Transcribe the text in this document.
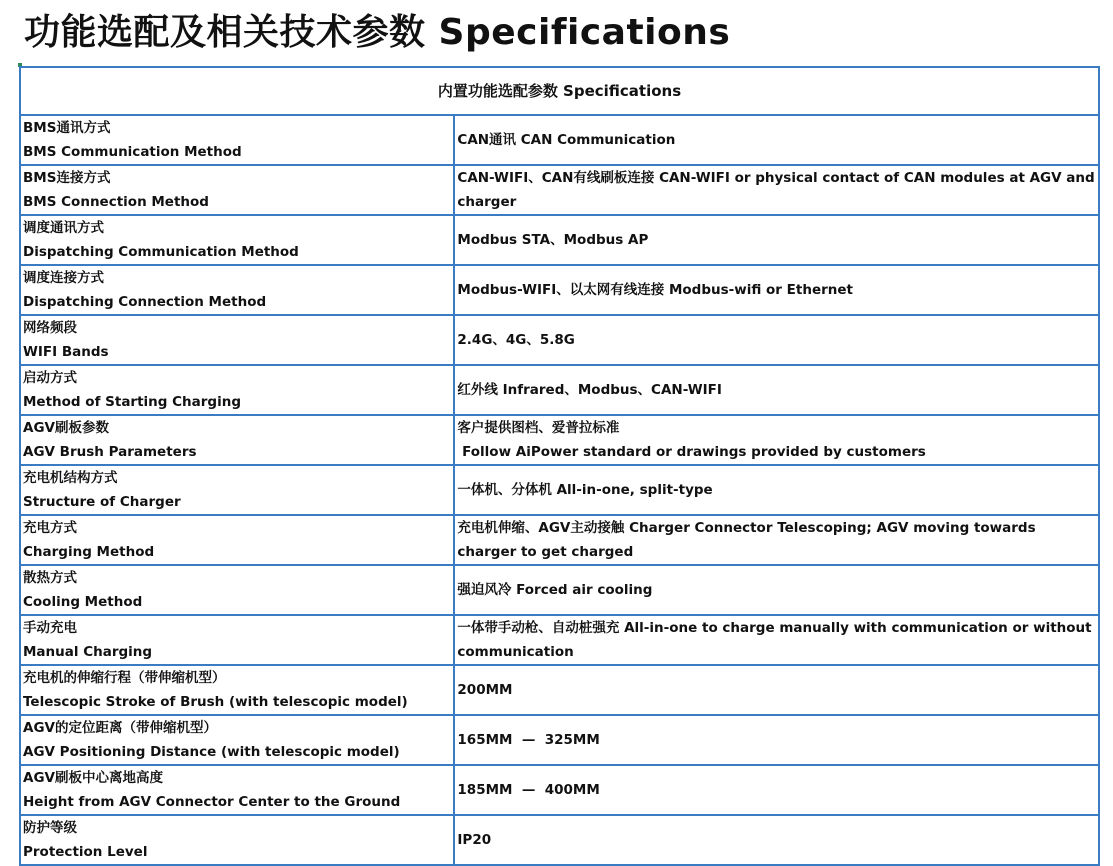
功能选配及相关技术参数 Specifications
内置功能选配参数 Specifications	

BMS通讯方式
BMS Communication Method	CAN通讯 CAN Communication

BMS连接方式
BMS Connection Method	CAN-WIFI、CAN有线刷板连接 CAN-WIFI or physical contact of CAN modules at AGV and charger

调度通讯方式
Dispatching Communication Method	Modbus STA、Modbus AP

调度连接方式
Dispatching Connection Method	Modbus-WIFI、以太网有线连接 Modbus-wifi or Ethernet

网络频段
WIFI Bands	2.4G、4G、5.8G

启动方式
Method of Starting Charging	红外线 Infrared、Modbus、CAN-WIFI

AGV刷板参数
AGV Brush Parameters	客户提供图档、爱普拉标准
Follow AiPower standard or drawings provided by customers

充电机结构方式
Structure of Charger	一体机、分体机 All-in-one, split-type

充电方式
Charging Method	充电机伸缩、AGV主动接触 Charger Connector Telescoping; AGV moving towards charger to get charged

散热方式
Cooling Method	强迫风冷 Forced air cooling

手动充电
Manual Charging	一体带手动枪、自动桩强充 All-in-one to charge manually with communication or without communication

充电机的伸缩行程（带伸缩机型）
Telescopic Stroke of Brush (with telescopic model)	200MM

AGV的定位距离（带伸缩机型）
AGV Positioning Distance (with telescopic model)	165MM  —  325MM

AGV刷板中心离地高度
Height from AGV Connector Center to the Ground	185MM  —  400MM

防护等级
Protection Level	IP20
